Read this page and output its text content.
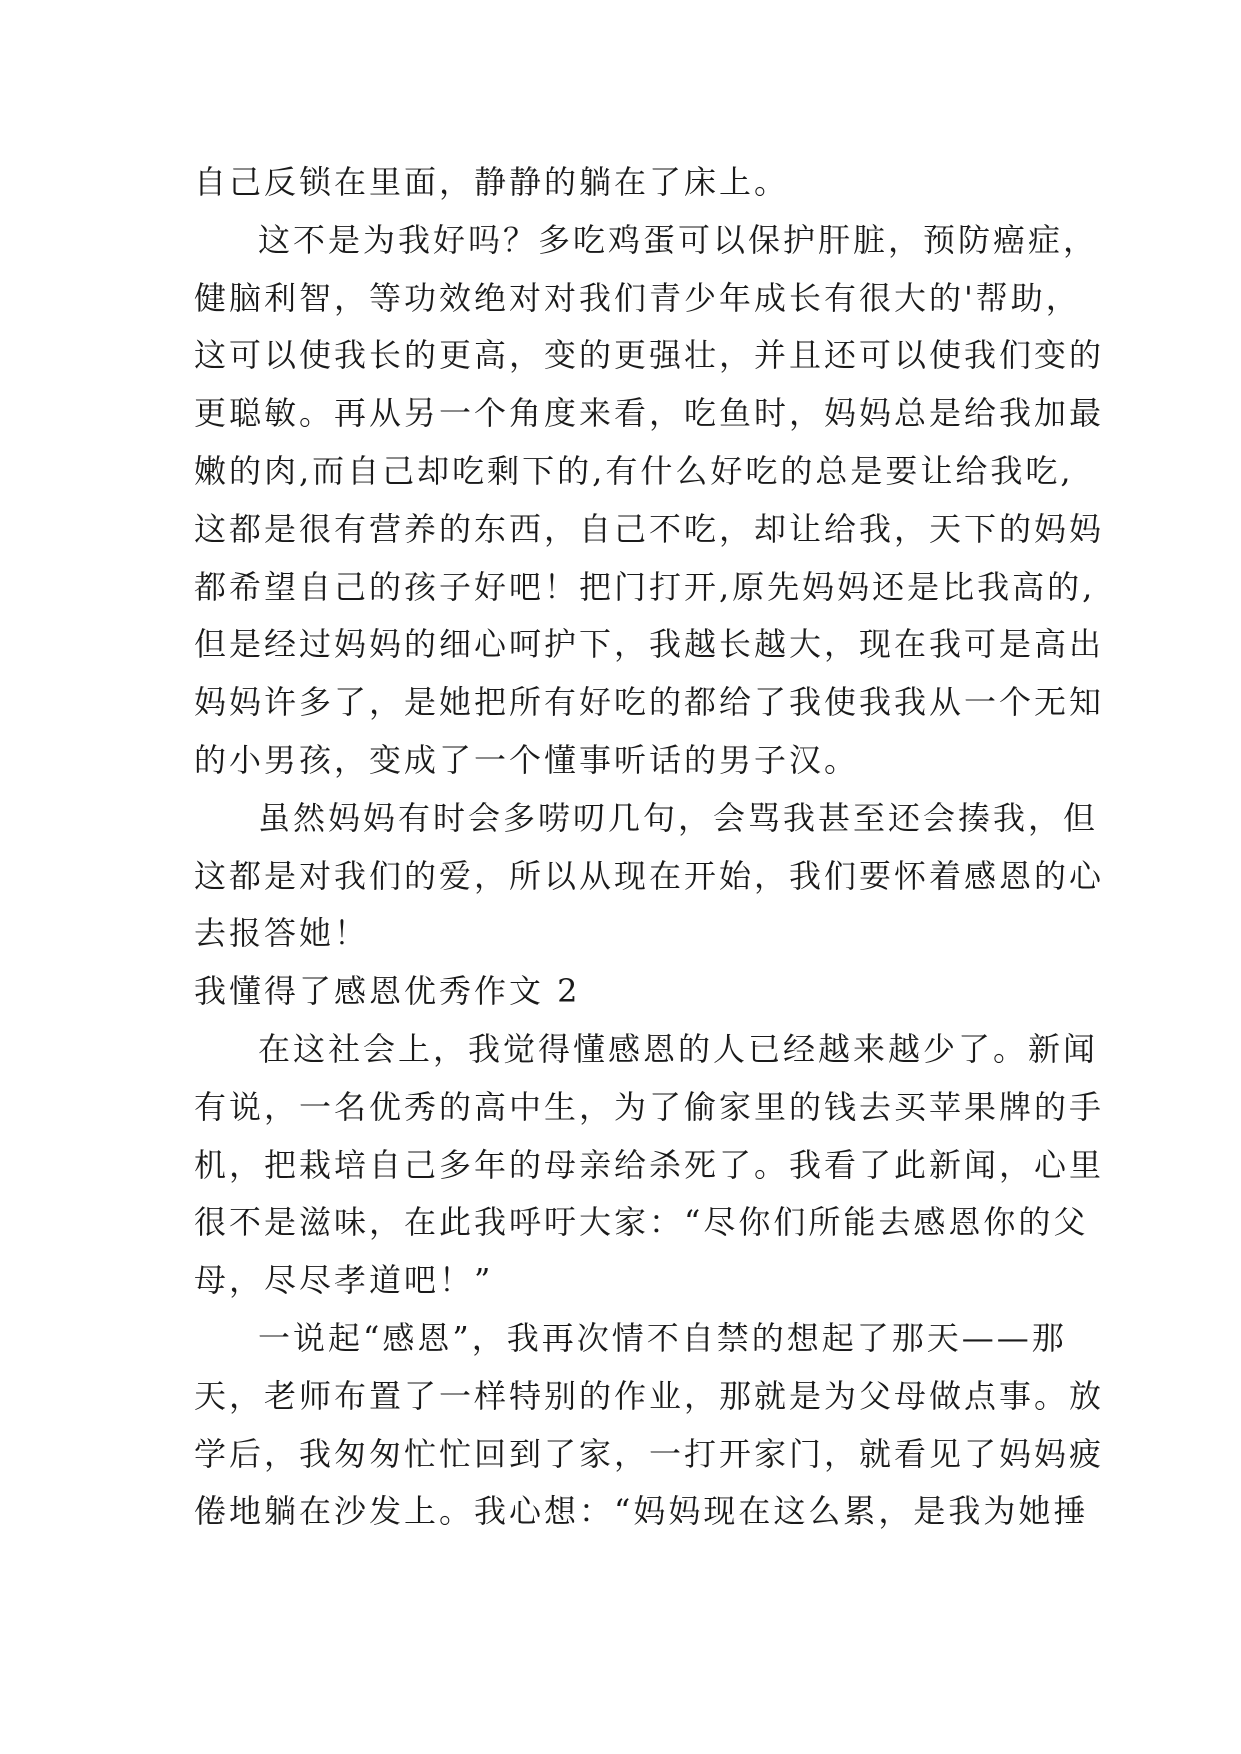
自己反锁在里面，静静的躺在了床上。
这不是为我好吗？多吃鸡蛋可以保护肝脏，预防癌症，
健脑利智，等功效绝对对我们青少年成长有很大的'帮助，
这可以使我长的更高，变的更强壮，并且还可以使我们变的
更聪敏。再从另一个角度来看，吃鱼时，妈妈总是给我加最
嫩的肉,而自己却吃剩下的,有什么好吃的总是要让给我吃,
这都是很有营养的东西，自己不吃，却让给我，天下的妈妈
都希望自己的孩子好吧！把门打开,原先妈妈还是比我高的,
但是经过妈妈的细心呵护下，我越长越大，现在我可是高出
妈妈许多了，是她把所有好吃的都给了我使我我从一个无知
的小男孩，变成了一个懂事听话的男子汉。
虽然妈妈有时会多唠叨几句，会骂我甚至还会揍我，但
这都是对我们的爱，所以从现在开始，我们要怀着感恩的心
去报答她！
我懂得了感恩优秀作文 2
在这社会上，我觉得懂感恩的人已经越来越少了。新闻
有说，一名优秀的高中生，为了偷家里的钱去买苹果牌的手
机，把栽培自己多年的母亲给杀死了。我看了此新闻，心里
很不是滋味，在此我呼吁大家：“尽你们所能去感恩你的父
母，尽尽孝道吧！”
一说起“感恩”，我再次情不自禁的想起了那天——那
天，老师布置了一样特别的作业，那就是为父母做点事。放
学后，我匆匆忙忙回到了家，一打开家门，就看见了妈妈疲
倦地躺在沙发上。我心想：“妈妈现在这么累，是我为她捶
